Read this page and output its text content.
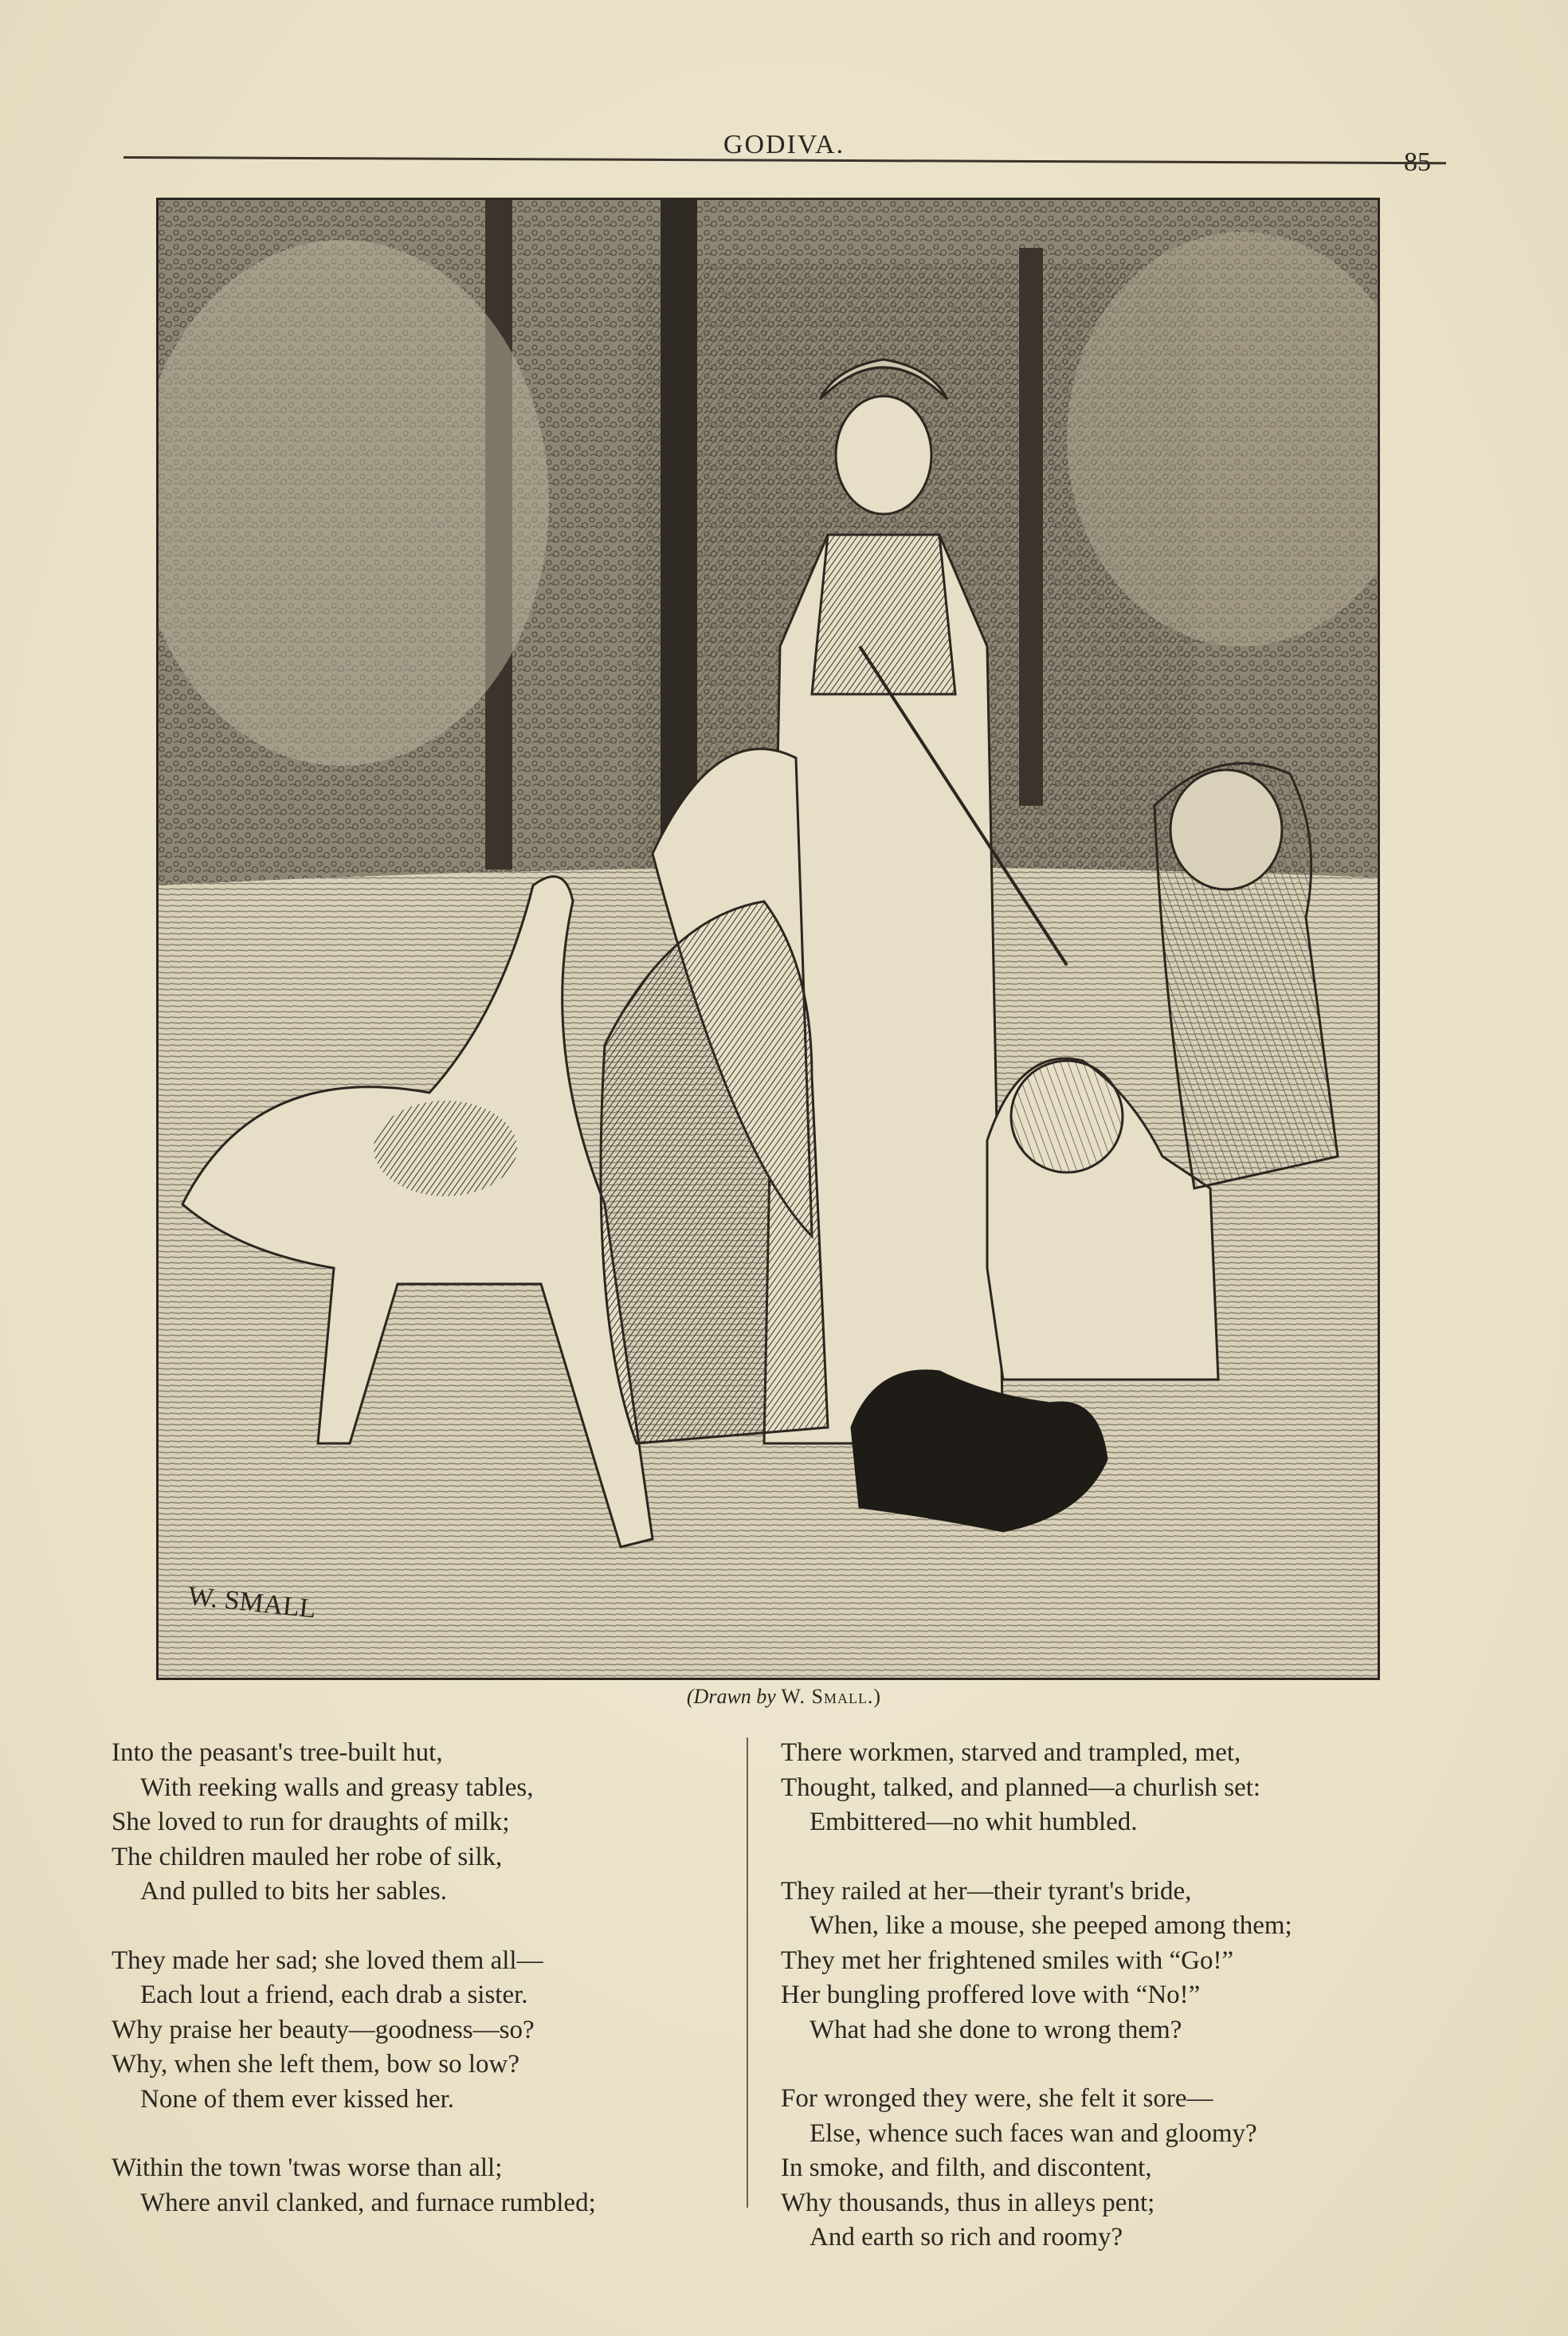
GODIVA.
85
W. SMALL
(Drawn by W. Small.)
Into the peasant's tree-built hut,
With reeking walls and greasy tables,
She loved to run for draughts of milk;
The children mauled her robe of silk,
And pulled to bits her sables.
They made her sad; she loved them all—
Each lout a friend, each drab a sister.
Why praise her beauty—goodness—so?
Why, when she left them, bow so low?
None of them ever kissed her.
Within the town 'twas worse than all;
Where anvil clanked, and furnace rumbled;
There workmen, starved and trampled, met,
Thought, talked, and planned—a churlish set:
Embittered—no whit humbled.
They railed at her—their tyrant's bride,
When, like a mouse, she peeped among them;
They met her frightened smiles with “Go!”
Her bungling proffered love with “No!”
What had she done to wrong them?
For wronged they were, she felt it sore—
Else, whence such faces wan and gloomy?
In smoke, and filth, and discontent,
Why thousands, thus in alleys pent;
And earth so rich and roomy?
